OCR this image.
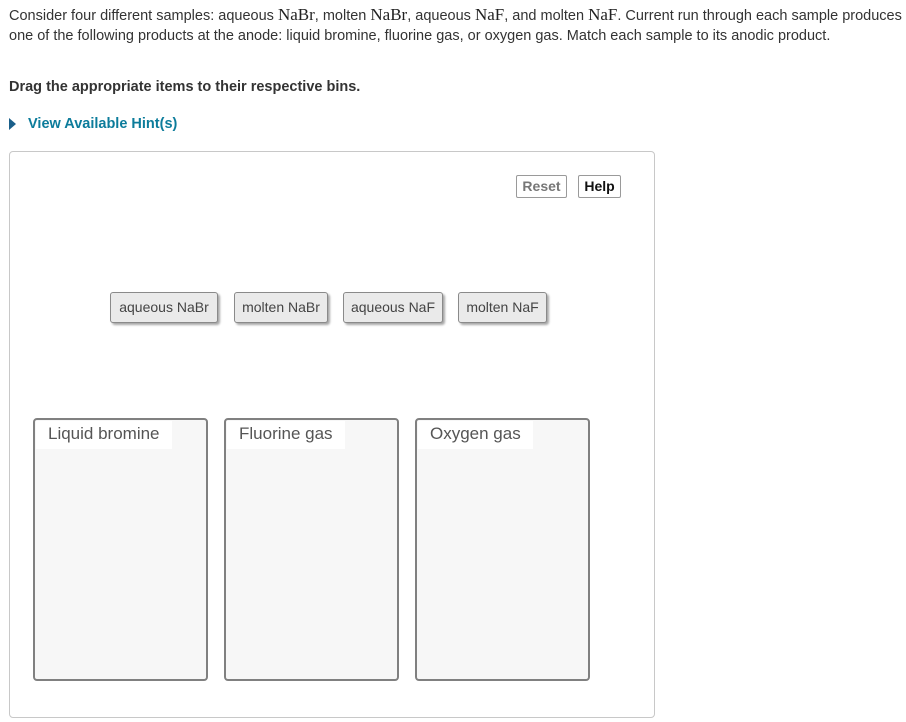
Consider four different samples: aqueous NaBr, molten NaBr, aqueous NaF, and molten NaF. Current run through each sample produces one of the following products at the anode: liquid bromine, fluorine gas, or oxygen gas. Match each sample to its anodic product.
Drag the appropriate items to their respective bins.
View Available Hint(s)
Reset	Help
aqueous NaBr	molten NaBr	aqueous NaF	molten NaF
Liquid bromine	Fluorine gas	Oxygen gas
